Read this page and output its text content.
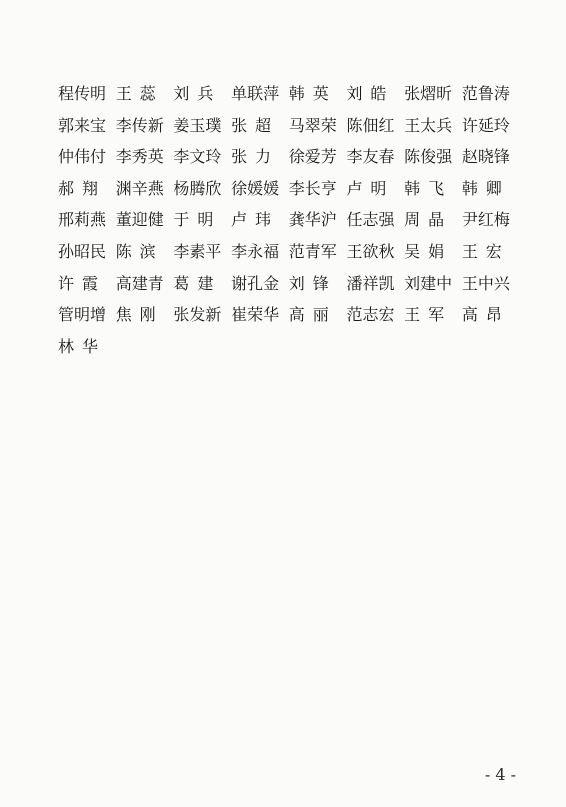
程 传 明 王 蕊 刘 兵 单 联 萍 韩 英 刘 皓 张 熠 昕 范 鲁 涛
郭 来 宝 李 传 新 姜 玉 璞 张 超 马 翠 荣 陈 佃 红 王 太 兵 许 延 玲
仲 伟 付 李 秀 英 李 文 玲 张 力 徐 爱 芳 李 友 春 陈 俊 强 赵 晓 锋
郝 翔 渊 辛 燕 杨 腾 欣 徐 媛 媛 李 长 亨 卢 明 韩 飞 韩 卿
邢 莉 燕 董 迎 健 于 明 卢 玮 龚 华 沪 任 志 强 周 晶 尹 红 梅
孙 昭 民 陈 滨 李 素 平 李 永 福 范 青 军 王 欲 秋 吴 娟 王 宏
许 霞 高 建 青 葛 建 谢 孔 金 刘 锋 潘 祥 凯 刘 建 中 王 中 兴
管 明 增 焦 刚 张 发 新 崔 荣 华 高 丽 范 志 宏 王 军 高 昂
林 华
- 4 -
